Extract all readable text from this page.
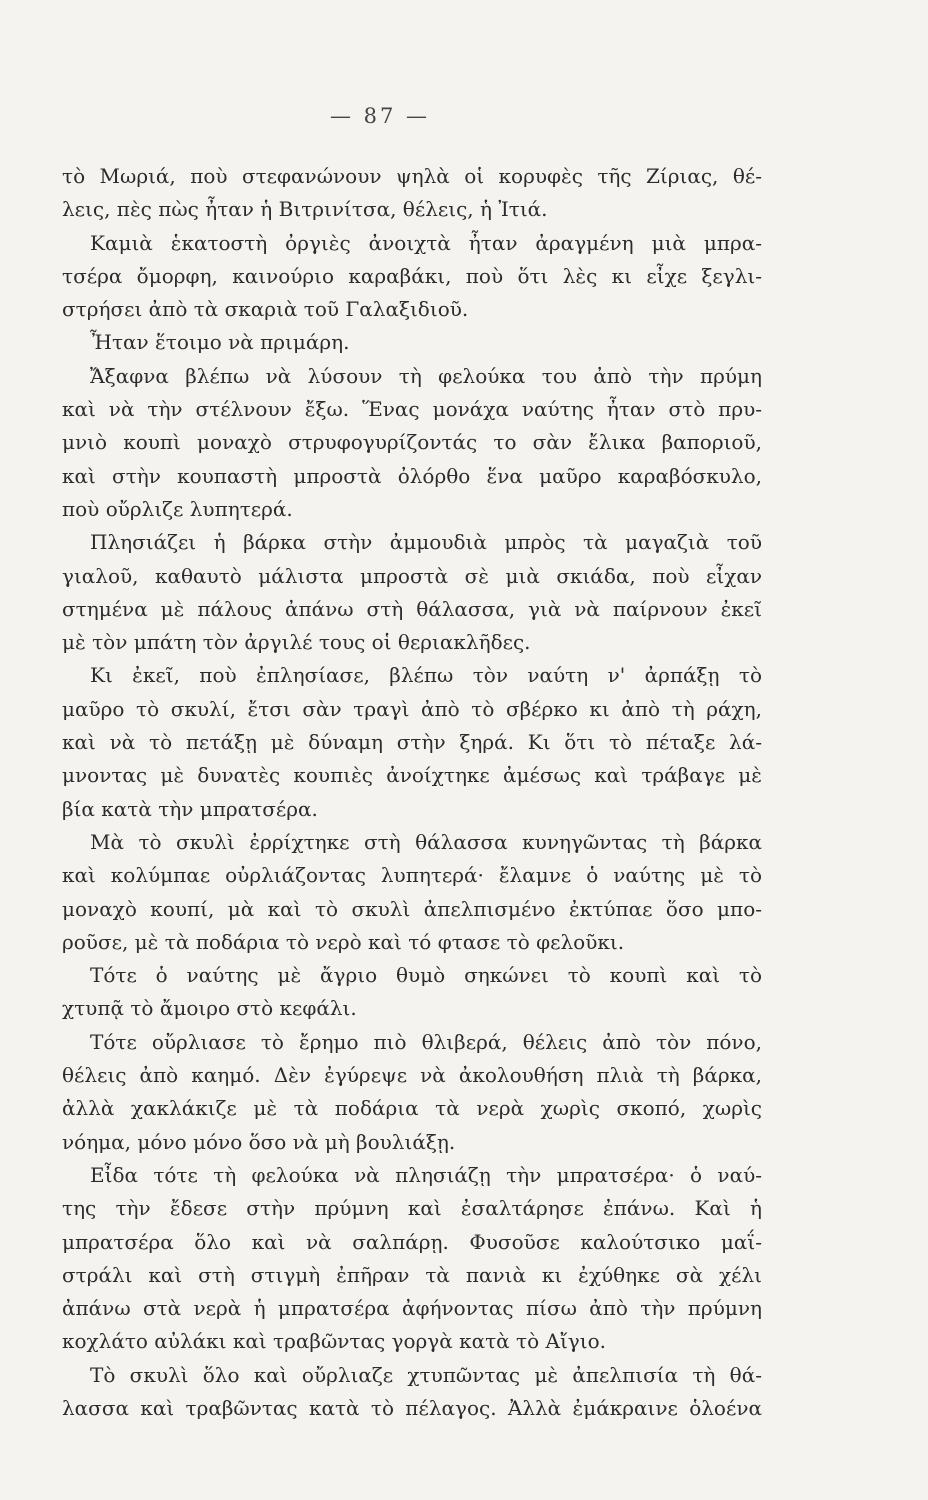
— 87 —
τὸ Μωριά, ποὺ στεφανώνουν ψηλὰ οἱ κορυφὲς τῆς Ζίριας, θέ-
λεις, πὲς πὼς ἦταν ἡ Βιτρινίτσα, θέλεις, ἡ Ἰτιά.
Καμιὰ ἑκατοστὴ ὀργιὲς ἀνοιχτὰ ἦταν ἀραγμένη μιὰ μπρα-
τσέρα ὄμορφη, καινούριο καραβάκι, ποὺ ὅτι λὲς κι εἶχε ξεγλι-
στρήσει ἀπὸ τὰ σκαριὰ τοῦ Γαλαξιδιοῦ.
Ἦταν ἕτοιμο νὰ πριμάρη.
Ἄξαφνα βλέπω νὰ λύσουν τὴ φελούκα του ἀπὸ τὴν πρύμη
καὶ νὰ τὴν στέλνουν ἔξω. Ἕνας μονάχα ναύτης ἦταν στὸ πρυ-
μνιὸ κουπὶ μοναχὸ στρυφογυρίζοντάς το σὰν ἔλικα βαποριοῦ,
καὶ στὴν κουπαστὴ μπροστὰ ὀλόρθο ἕνα μαῦρο καραβόσκυλο,
ποὺ οὔρλιζε λυπητερά.
Πλησιάζει ἡ βάρκα στὴν ἀμμουδιὰ μπρὸς τὰ μαγαζιὰ τοῦ
γιαλοῦ, καθαυτὸ μάλιστα μπροστὰ σὲ μιὰ σκιάδα, ποὺ εἶχαν
στημένα μὲ πάλους ἀπάνω στὴ θάλασσα, γιὰ νὰ παίρνουν ἐκεῖ
μὲ τὸν μπάτη τὸν ἀργιλέ τους οἱ θεριακλῆδες.
Κι ἐκεῖ, ποὺ ἐπλησίασε, βλέπω τὸν ναύτη ν' ἀρπάξῃ τὸ
μαῦρο τὸ σκυλί, ἔτσι σὰν τραγὶ ἀπὸ τὸ σβέρκο κι ἀπὸ τὴ ράχη,
καὶ νὰ τὸ πετάξῃ μὲ δύναμη στὴν ξηρά. Κι ὅτι τὸ πέταξε λά-
μνοντας μὲ δυνατὲς κουπιὲς ἀνοίχτηκε ἀμέσως καὶ τράβαγε μὲ
βία κατὰ τὴν μπρατσέρα.
Μὰ τὸ σκυλὶ ἐρρίχτηκε στὴ θάλασσα κυνηγῶντας τὴ βάρκα
καὶ κολύμπαε οὐρλιάζοντας λυπητερά· ἔλαμνε ὁ ναύτης μὲ τὸ
μοναχὸ κουπί, μὰ καὶ τὸ σκυλὶ ἀπελπισμένο ἐκτύπαε ὅσο μπο-
ροῦσε, μὲ τὰ ποδάρια τὸ νερὸ καὶ τό φτασε τὸ φελοῦκι.
Τότε ὁ ναύτης μὲ ἄγριο θυμὸ σηκώνει τὸ κουπὶ καὶ τὸ
χτυπᾷ τὸ ἄμοιρο στὸ κεφάλι.
Τότε οὔρλιασε τὸ ἔρημο πιὸ θλιβερά, θέλεις ἀπὸ τὸν πόνο,
θέλεις ἀπὸ καημό. Δὲν ἐγύρεψε νὰ ἀκολουθήση πλιὰ τὴ βάρκα,
ἀλλὰ χακλάκιζε μὲ τὰ ποδάρια τὰ νερὰ χωρὶς σκοπό, χωρὶς
νόημα, μόνο μόνο ὅσο νὰ μὴ βουλιάξῃ.
Εἶδα τότε τὴ φελούκα νὰ πλησιάζῃ τὴν μπρατσέρα· ὁ ναύ-
της τὴν ἔδεσε στὴν πρύμνη καὶ ἐσαλτάρησε ἐπάνω. Καὶ ἡ
μπρατσέρα ὅλο καὶ νὰ σαλπάρῃ. Φυσοῦσε καλούτσικο μαΐ-
στράλι καὶ στὴ στιγμὴ ἐπῆραν τὰ πανιὰ κι ἐχύθηκε σὰ χέλι
ἀπάνω στὰ νερὰ ἡ μπρατσέρα ἀφήνοντας πίσω ἀπὸ τὴν πρύμνη
κοχλάτο αὐλάκι καὶ τραβῶντας γοργὰ κατὰ τὸ Αἴγιο.
Τὸ σκυλὶ ὅλο καὶ οὔρλιαζε χτυπῶντας μὲ ἀπελπισία τὴ θά-
λασσα καὶ τραβῶντας κατὰ τὸ πέλαγος. Ἀλλὰ ἐμάκραινε ὁλοένα
